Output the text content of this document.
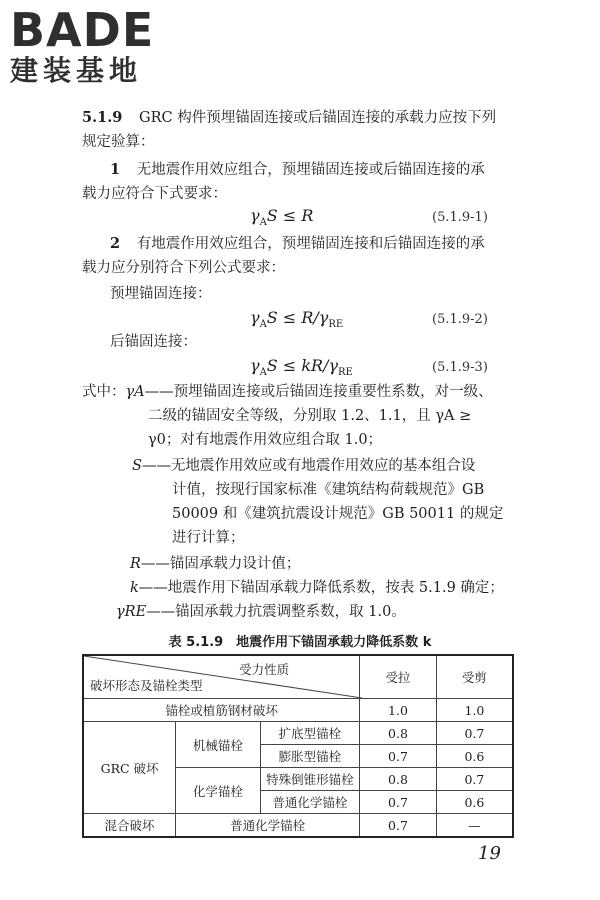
BADE
建装基地
5.1.9 GRC 构件预埋锚固连接或后锚固连接的承载力应按下列
规定验算：
1 无地震作用效应组合，预埋锚固连接或后锚固连接的承
载力应符合下式要求：
$\gamma_AS \le R$	(5.1.9-1)
2 有地震作用效应组合，预埋锚固连接和后锚固连接的承
载力应分别符合下列公式要求：
预埋锚固连接：
$\gamma_AS \le R/\gamma_{RE}$	(5.1.9-2)
后锚固连接：
$\gamma_AS \le kR/\gamma_{RE}$	(5.1.9-3)
式中：γA——预埋锚固连接或后锚固连接重要性系数，对一级、
二级的锚固安全等级，分别取 1.2、1.1，且 γA ≥
γ0；对有地震作用效应组合取 1.0；
S——无地震作用效应或有地震作用效应的基本组合设
计值，按现行国家标准《建筑结构荷载规范》GB
50009 和《建筑抗震设计规范》GB 50011 的规定
进行计算；
R——锚固承载力设计值；
k——地震作用下锚固承载力降低系数，按表 5.1.9 确定；
γRE——锚固承载力抗震调整系数，取 1.0。
表 5.1.9　地震作用下锚固承载力降低系数 k
受力性质
破坏形态及锚栓类型			受拉	受剪
锚栓或植筋钢材破坏			1.0	1.0
GRC 破坏	机械锚栓	扩底型锚栓	0.8	0.7
		膨胀型锚栓	0.7	0.6
	化学锚栓	特殊倒锥形锚栓	0.8	0.7
		普通化学锚栓	0.7	0.6
混合破坏	普通化学锚栓		0.7	—
19
